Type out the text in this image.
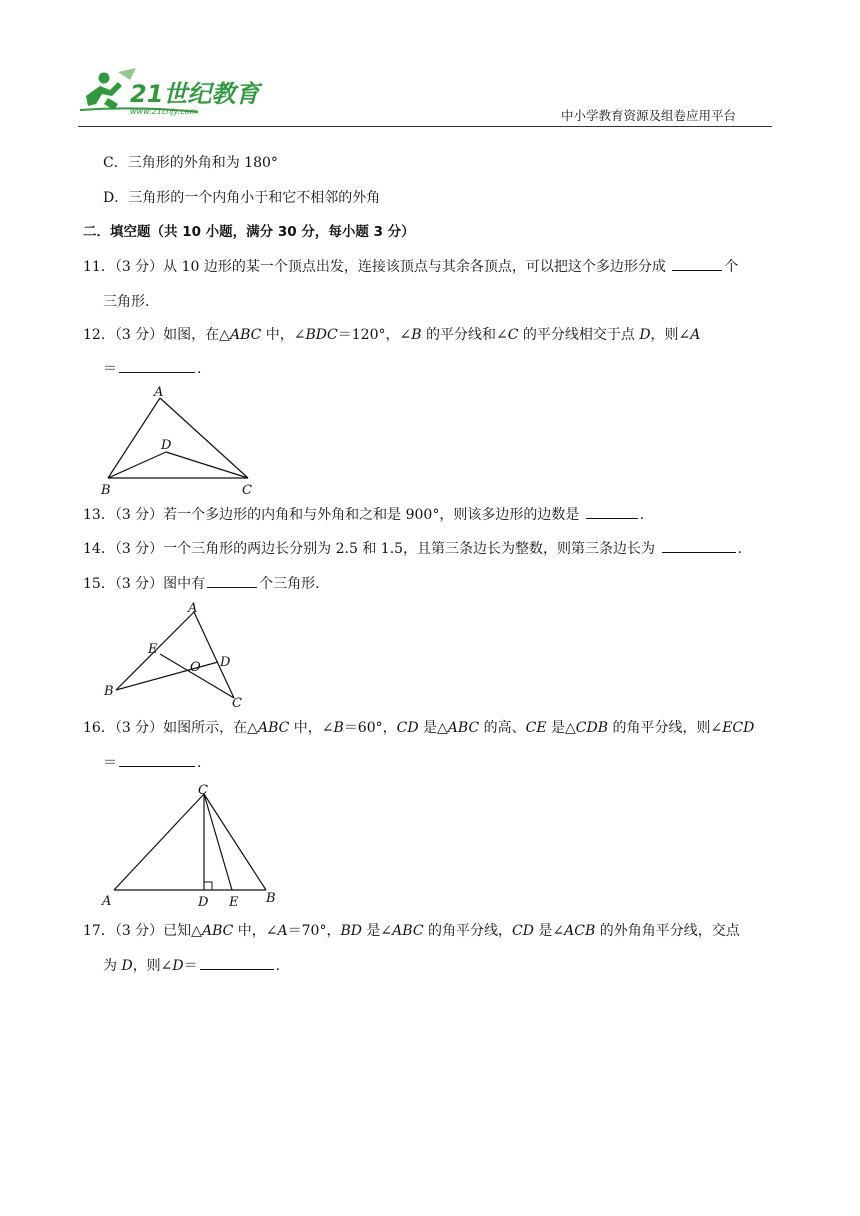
21世纪教育
www.21cnjy.com	中小学教育资源及组卷应用平台
C．三角形的外角和为 180°
D．三角形的一个内角小于和它不相邻的外角
二．填空题（共 10 小题，满分 30 分，每小题 3 分）
11．（3 分）从 10 边形的某一个顶点出发，连接该顶点与其余各顶点，可以把这个多边形分成	个
三角形.
12．（3 分）如图，在△ABC 中，∠BDC＝120°，∠B 的平分线和∠C 的平分线相交于点 D，则∠A
＝	.
A
D
B	C
13．（3 分）若一个多边形的内角和与外角和之和是 900°，则该多边形的边数是	.
14．（3 分）一个三角形的两边长分别为 2.5 和 1.5，且第三条边长为整数，则第三条边长为	.
15．（3 分）图中有	个三角形.
A
E
O D
B
C
16．（3 分）如图所示，在△ABC 中，∠B＝60°，CD 是△ABC 的高、CE 是△CDB 的角平分线，则∠ECD
＝	.
C
A	D E B
17．（3 分）已知△ABC 中，∠A＝70°，BD 是∠ABC 的角平分线，CD 是∠ACB 的外角角平分线，交点
为 D，则∠D＝	.
